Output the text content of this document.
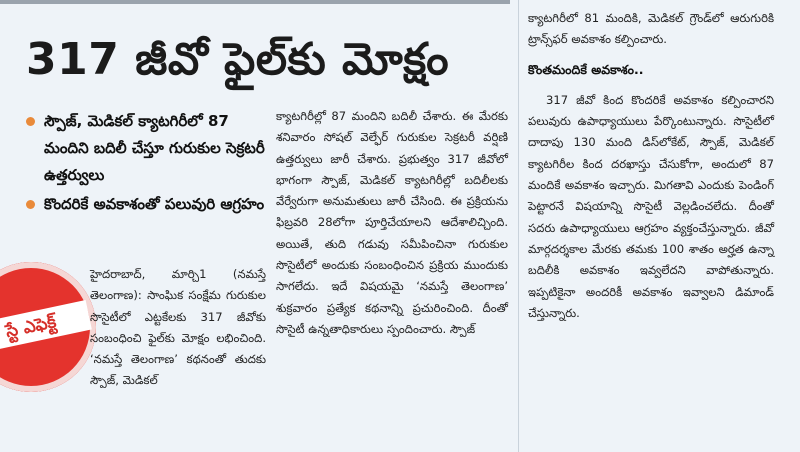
317 జీవో ఫైల్‌కు మోక్షం
స్పౌజ్‌, మెడికల్‌ క్యాటగిరీలో 87 మందిని బదిలీ చేస్తూ గురుకుల సెక్రటరీ ఉత్తర్వులు
కొందరికే అవకాశంతో పలువురి ఆగ్రహం
స్టే ఎఫెక్ట్‌

హైదరాబాద్‌, మార్చి1 (నమస్తే తెలంగాణ): సాంఘిక సంక్షేమ గురుకుల సొసైటీలో ఎట్టకేలకు 317 జీవోకు సంబంధించి ఫైల్‌కు మోక్షం లభించింది. ‘నమస్తే తెలంగాణ’ కథనంతో తుదకు స్పౌజ్‌, మెడికల్‌

క్యాటగిరీల్లో 87 మందిని బదిలీ చేశారు. ఈ మేరకు శనివారం సోషల్‌ వెల్ఫేర్‌ గురుకుల సెక్రటరీ వర్షిణి ఉత్తర్వులు జారీ చేశారు. ప్రభుత్వం 317 జీవోలో భాగంగా స్పౌజ్‌, మెడికల్‌ క్యాటగిరీల్లో బదిలీలకు వేర్వేరుగా అనుమతులు జారీ చేసింది. ఈ ప్రక్రియను ఫిబ్రవరి 28లోగా పూర్తిచేయాలని ఆదేశాలిచ్చింది. అయితే, తుది గడువు సమీపించినా గురుకుల సొసైటీలో అందుకు సంబంధించిన ప్రక్రియ ముందుకు సాగలేదు. ఇదే విషయమై ‘నమస్తే తెలంగాణ’ శుక్రవారం ప్రత్యేక కథనాన్ని ప్రచురించింది. దీంతో సొసైటీ ఉన్నతాధికారులు స్పందించారు. స్పౌజ్‌

క్యాటగిరీలో 81 మందికి, మెడికల్‌ గ్రౌండ్‌లో ఆరుగురికి ట్రాన్స్‌ఫర్‌ అవకాశం కల్పించారు.

కొంతమందికే అవకాశం..

317 జీవో కింద కొందరికే అవకాశం కల్పించారని పలువురు ఉపాధ్యాయులు పేర్కొంటున్నారు. సొసైటీలో దాదాపు 130 మంది డిస్‌లోకేట్‌, స్పౌజ్‌, మెడికల్‌ క్యాటగిరీల కింద దరఖాస్తు చేసుకోగా, అందులో 87 మందికే అవకాశం ఇచ్చారు. మిగతావి ఎందుకు పెండింగ్‌ పెట్టారనే విషయాన్ని సొసైటీ వెల్లడించలేదు. దీంతో సదరు ఉపాధ్యాయులు ఆగ్రహం వ్యక్తంచేస్తున్నారు. జీవో మార్గదర్శకాల మేరకు తమకు 100 శాతం అర్హత ఉన్నా బదిలీకి అవకాశం ఇవ్వలేదని వాపోతున్నారు. ఇప్పటికైనా అందరికీ అవకాశం ఇవ్వాలని డిమాండ్‌ చేస్తున్నారు.
